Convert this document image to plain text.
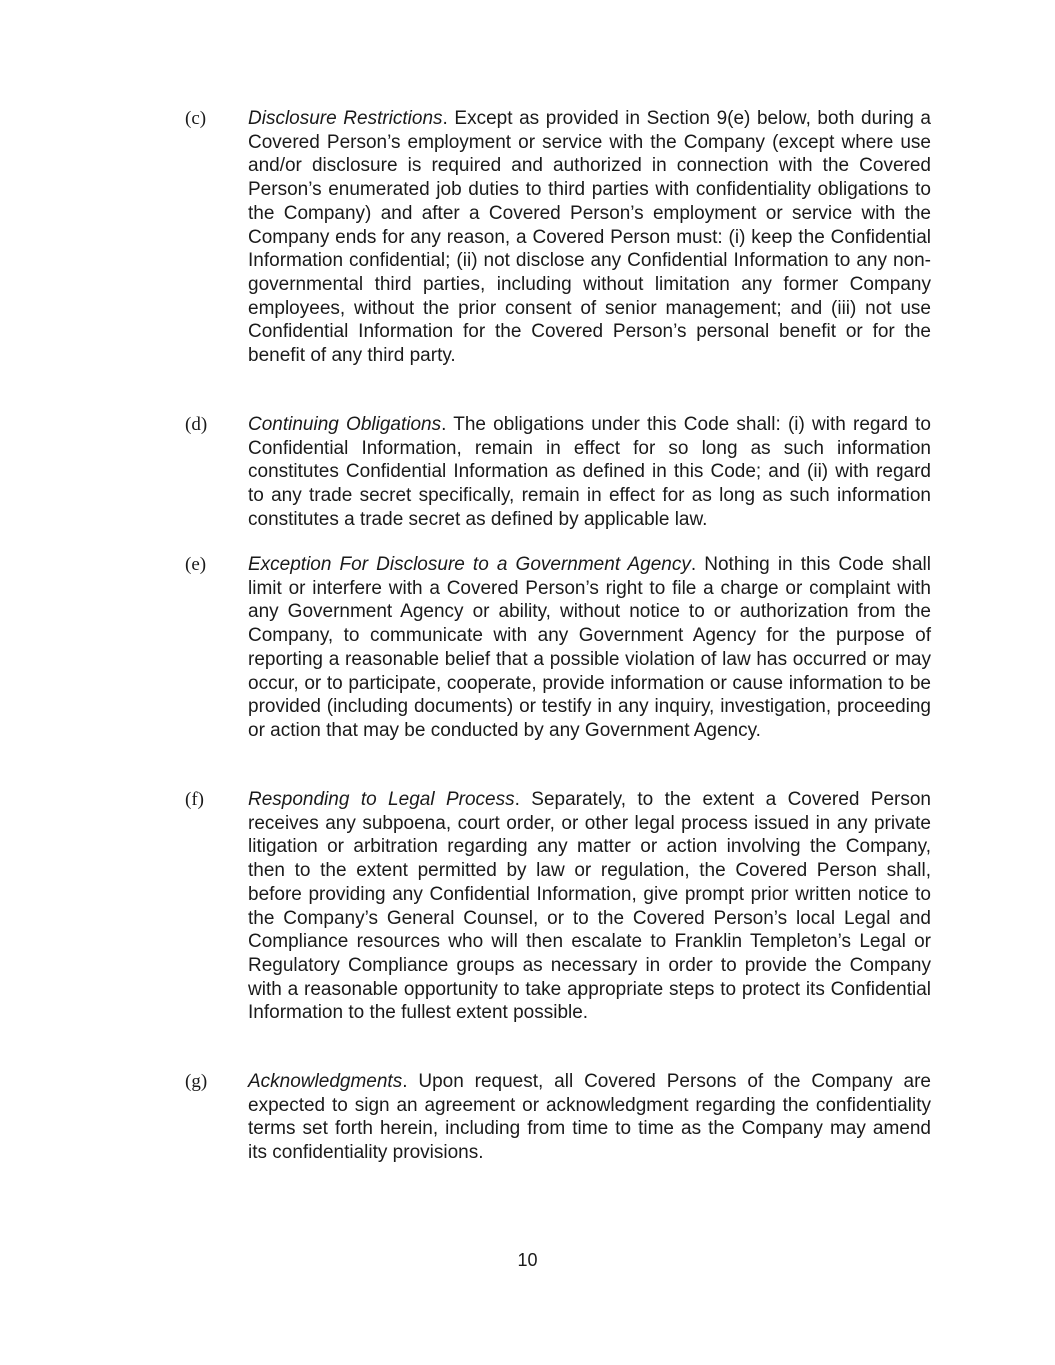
(c) Disclosure Restrictions. Except as provided in Section 9(e) below, both during a Covered Person’s employment or service with the Company (except where use and/or disclosure is required and authorized in connection with the Covered Person’s enumerated job duties to third parties with confidentiality obligations to the Company) and after a Covered Person’s employment or service with the Company ends for any reason, a Covered Person must: (i) keep the Confidential Information confidential; (ii) not disclose any Confidential Information to any non-governmental third parties, including without limitation any former Company employees, without the prior consent of senior management; and (iii) not use Confidential Information for the Covered Person’s personal benefit or for the benefit of any third party.

(d) Continuing Obligations. The obligations under this Code shall: (i) with regard to Confidential Information, remain in effect for so long as such information constitutes Confidential Information as defined in this Code; and (ii) with regard to any trade secret specifically, remain in effect for as long as such information constitutes a trade secret as defined by applicable law.

(e) Exception For Disclosure to a Government Agency. Nothing in this Code shall limit or interfere with a Covered Person’s right to file a charge or complaint with any Government Agency or ability, without notice to or authorization from the Company, to communicate with any Government Agency for the purpose of reporting a reasonable belief that a possible violation of law has occurred or may occur, or to participate, cooperate, provide information or cause information to be provided (including documents) or testify in any inquiry, investigation, proceeding or action that may be conducted by any Government Agency.

(f) Responding to Legal Process. Separately, to the extent a Covered Person receives any subpoena, court order, or other legal process issued in any private litigation or arbitration regarding any matter or action involving the Company, then to the extent permitted by law or regulation, the Covered Person shall, before providing any Confidential Information, give prompt prior written notice to the Company’s General Counsel, or to the Covered Person’s local Legal and Compliance resources who will then escalate to Franklin Templeton’s Legal or Regulatory Compliance groups as necessary in order to provide the Company with a reasonable opportunity to take appropriate steps to protect its Confidential Information to the fullest extent possible.

(g) Acknowledgments. Upon request, all Covered Persons of the Company are expected to sign an agreement or acknowledgment regarding the confidentiality terms set forth herein, including from time to time as the Company may amend its confidentiality provisions.

10
